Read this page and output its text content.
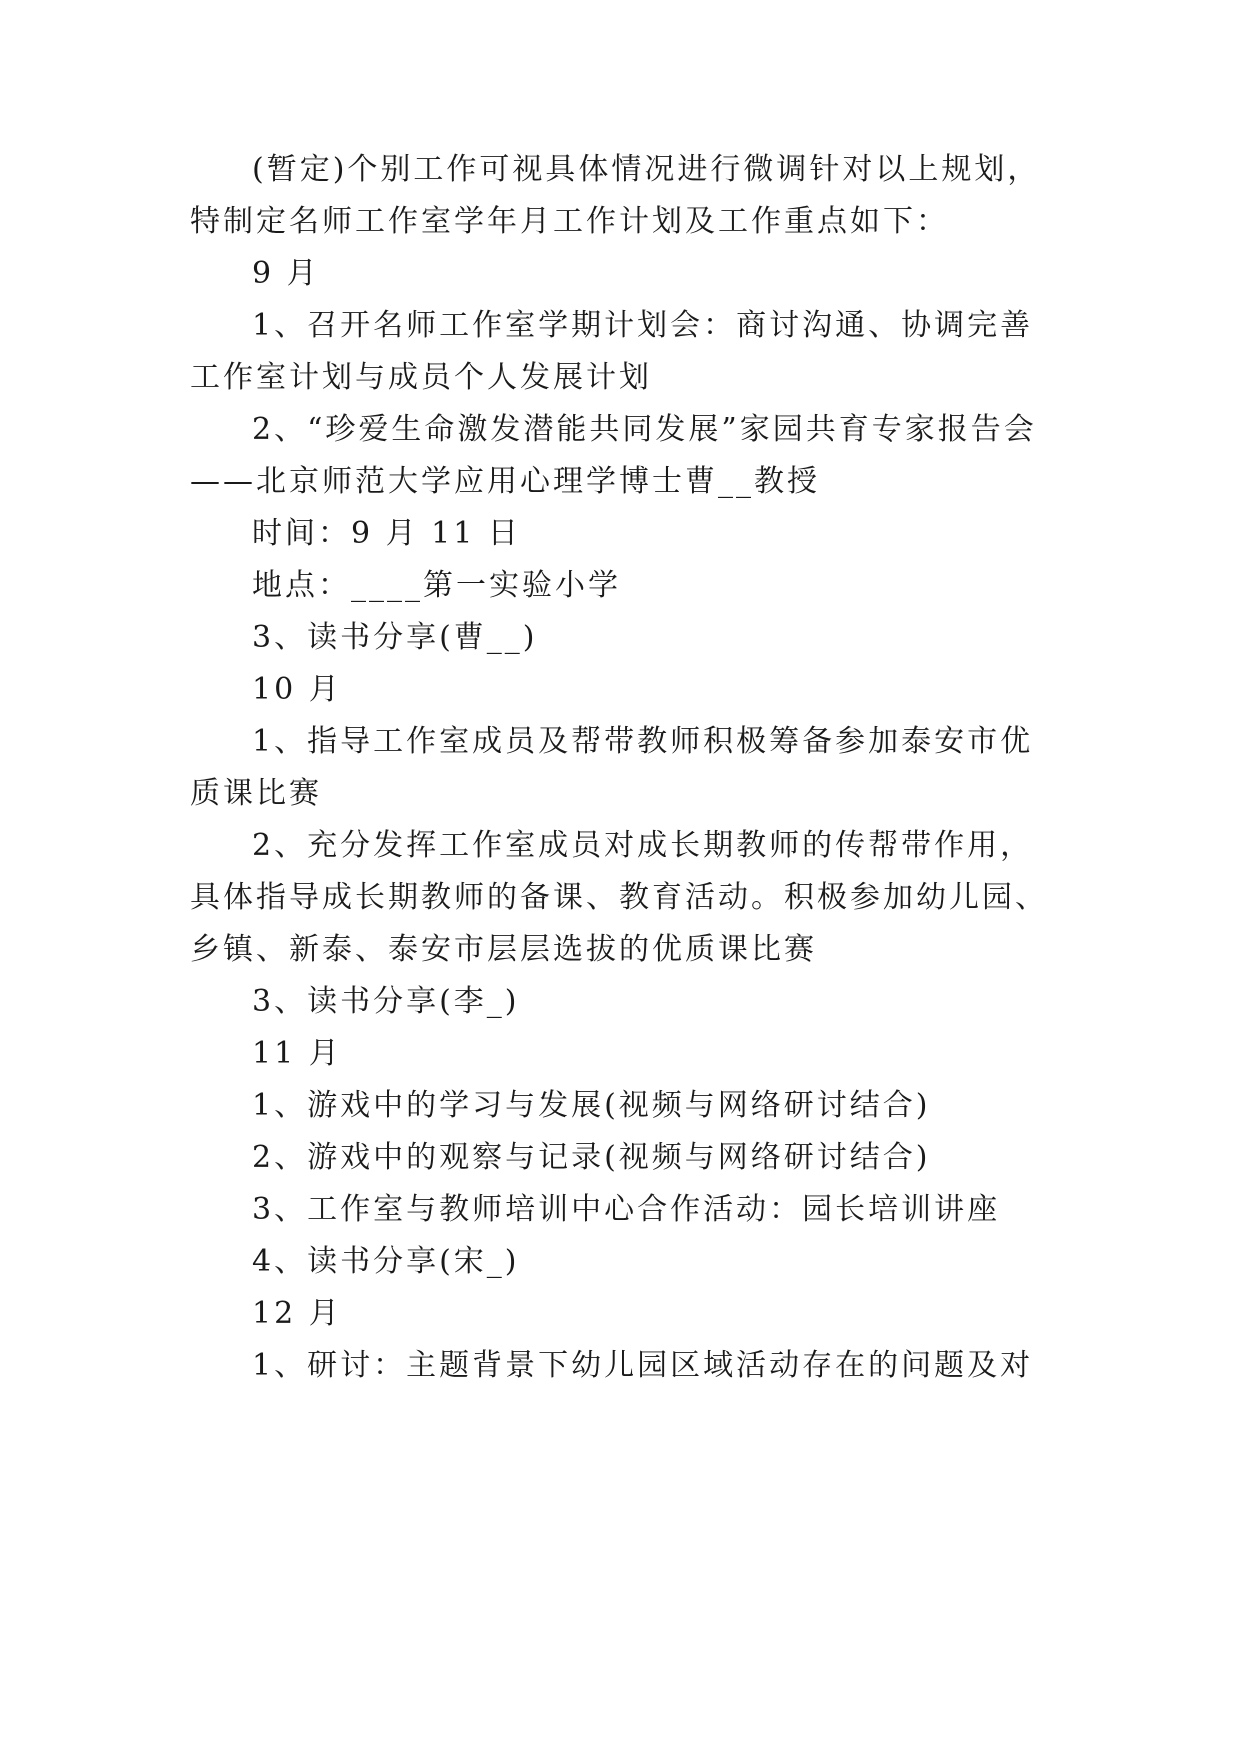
(暂定)个别工作可视具体情况进行微调针对以上规划，
特制定名师工作室学年月工作计划及工作重点如下：
9 月
1、召开名师工作室学期计划会：商讨沟通、协调完善
工作室计划与成员个人发展计划
2、“珍爱生命激发潜能共同发展”家园共育专家报告会
——北京师范大学应用心理学博士曹__教授
时间：9 月 11 日
地点：____第一实验小学
3、读书分享(曹__)
10 月
1、指导工作室成员及帮带教师积极筹备参加泰安市优
质课比赛
2、充分发挥工作室成员对成长期教师的传帮带作用，
具体指导成长期教师的备课、教育活动。积极参加幼儿园、
乡镇、新泰、泰安市层层选拔的优质课比赛
3、读书分享(李_)
11 月
1、游戏中的学习与发展(视频与网络研讨结合)
2、游戏中的观察与记录(视频与网络研讨结合)
3、工作室与教师培训中心合作活动：园长培训讲座
4、读书分享(宋_)
12 月
1、研讨：主题背景下幼儿园区域活动存在的问题及对
